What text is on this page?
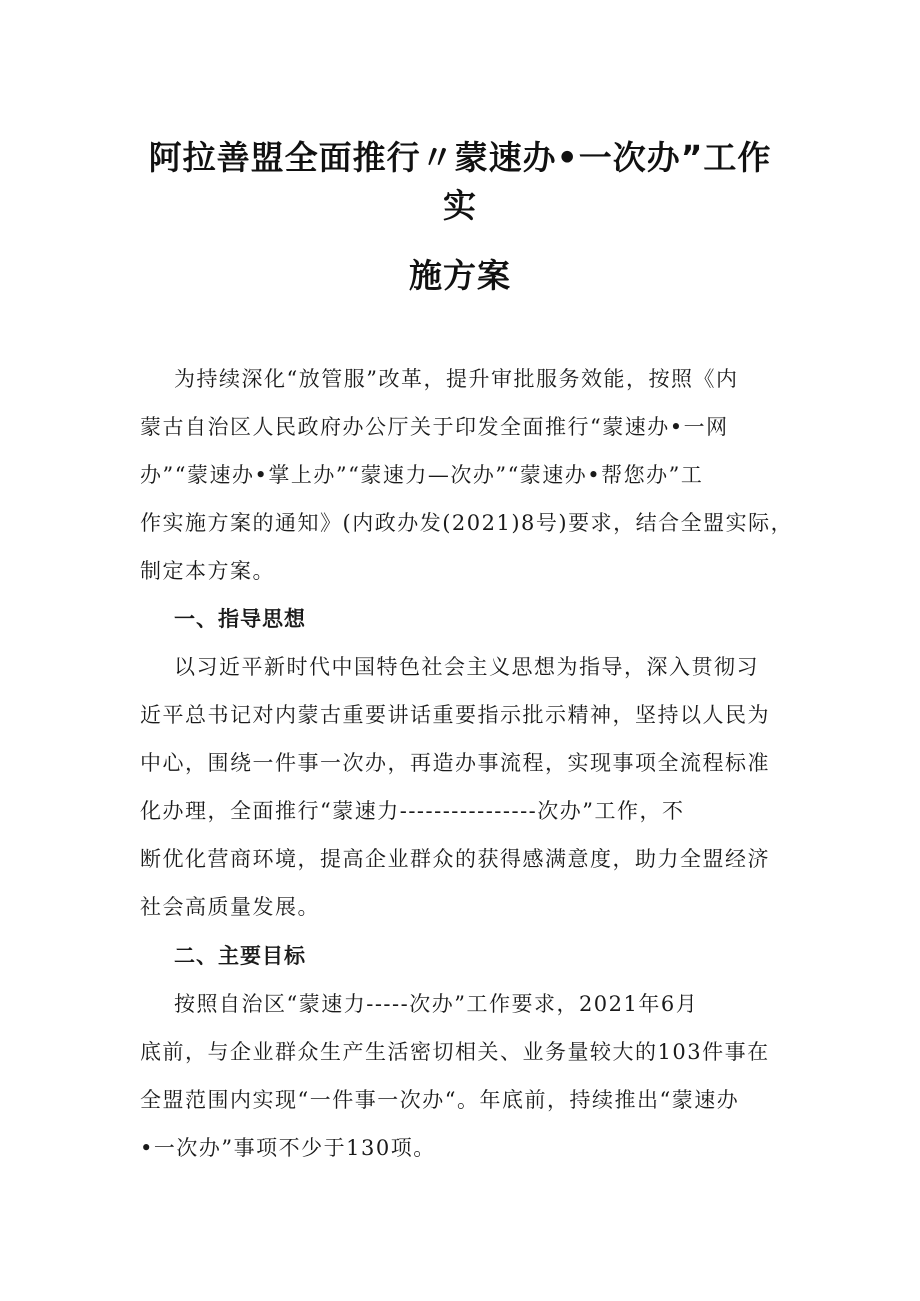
阿拉善盟全面推行〃蒙速办•一次办”工作
实
施方案
为持续深化“放管服”改革，提升审批服务效能，按照《内
蒙古自治区人民政府办公厅关于印发全面推行“蒙速办•一网
办”“蒙速办•掌上办”“蒙速力—次办”“蒙速办•帮您办”工
作实施方案的通知》(内政办发(2021)8号)要求，结合全盟实际，
制定本方案。
一、指导思想
以习近平新时代中国特色社会主义思想为指导，深入贯彻习
近平总书记对内蒙古重要讲话重要指示批示精神，坚持以人民为
中心，围绕一件事一次办，再造办事流程，实现事项全流程标准
化办理，全面推行“蒙速力----------------次办”工作，不
断优化营商环境，提高企业群众的获得感满意度，助力全盟经济
社会高质量发展。
二、主要目标
按照自治区“蒙速力-----次办”工作要求，2021年6月
底前，与企业群众生产生活密切相关、业务量较大的103件事在
全盟范围内实现“一件事一次办“。年底前，持续推出“蒙速办
•一次办”事项不少于130项。
